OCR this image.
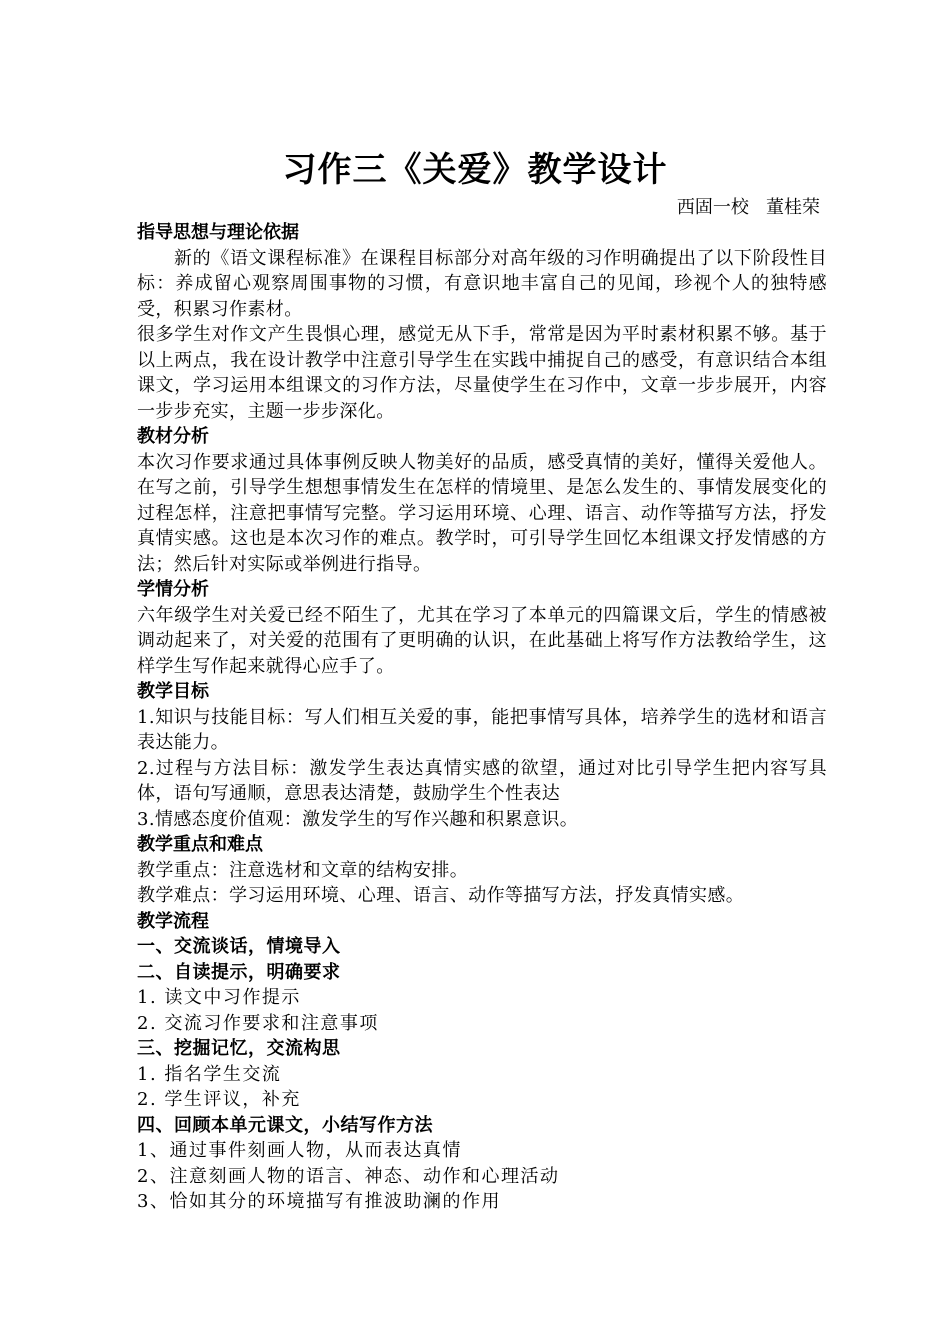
习作三《关爱》教学设计
西固一校   董桂荣
指导思想与理论依据
新的《语文课程标准》在课程目标部分对高年级的习作明确提出了以下阶段性目标：养成留心观察周围事物的习惯，有意识地丰富自己的见闻，珍视个人的独特感受，积累习作素材。
很多学生对作文产生畏惧心理，感觉无从下手，常常是因为平时素材积累不够。基于以上两点，我在设计教学中注意引导学生在实践中捕捉自己的感受，有意识结合本组课文，学习运用本组课文的习作方法，尽量使学生在习作中，文章一步步展开，内容一步步充实，主题一步步深化。
教材分析
本次习作要求通过具体事例反映人物美好的品质，感受真情的美好，懂得关爱他人。在写之前，引导学生想想事情发生在怎样的情境里、是怎么发生的、事情发展变化的过程怎样，注意把事情写完整。学习运用环境、心理、语言、动作等描写方法，抒发真情实感。这也是本次习作的难点。教学时，可引导学生回忆本组课文抒发情感的方法；然后针对实际或举例进行指导。
学情分析
六年级学生对关爱已经不陌生了，尤其在学习了本单元的四篇课文后，学生的情感被调动起来了，对关爱的范围有了更明确的认识，在此基础上将写作方法教给学生，这样学生写作起来就得心应手了。
教学目标
1.知识与技能目标：写人们相互关爱的事，能把事情写具体，培养学生的选材和语言表达能力。
2.过程与方法目标：激发学生表达真情实感的欲望，通过对比引导学生把内容写具体，语句写通顺，意思表达清楚，鼓励学生个性表达
3.情感态度价值观：激发学生的写作兴趣和积累意识。
教学重点和难点
教学重点：注意选材和文章的结构安排。
教学难点：学习运用环境、心理、语言、动作等描写方法，抒发真情实感。
教学流程
一、交流谈话，情境导入
二、自读提示，明确要求
1. 读文中习作提示
2. 交流习作要求和注意事项
三、挖掘记忆，交流构思
1. 指名学生交流
2. 学生评议，补充
四、回顾本单元课文，小结写作方法
1、通过事件刻画人物，从而表达真情
2、注意刻画人物的语言、神态、动作和心理活动
3、恰如其分的环境描写有推波助澜的作用
